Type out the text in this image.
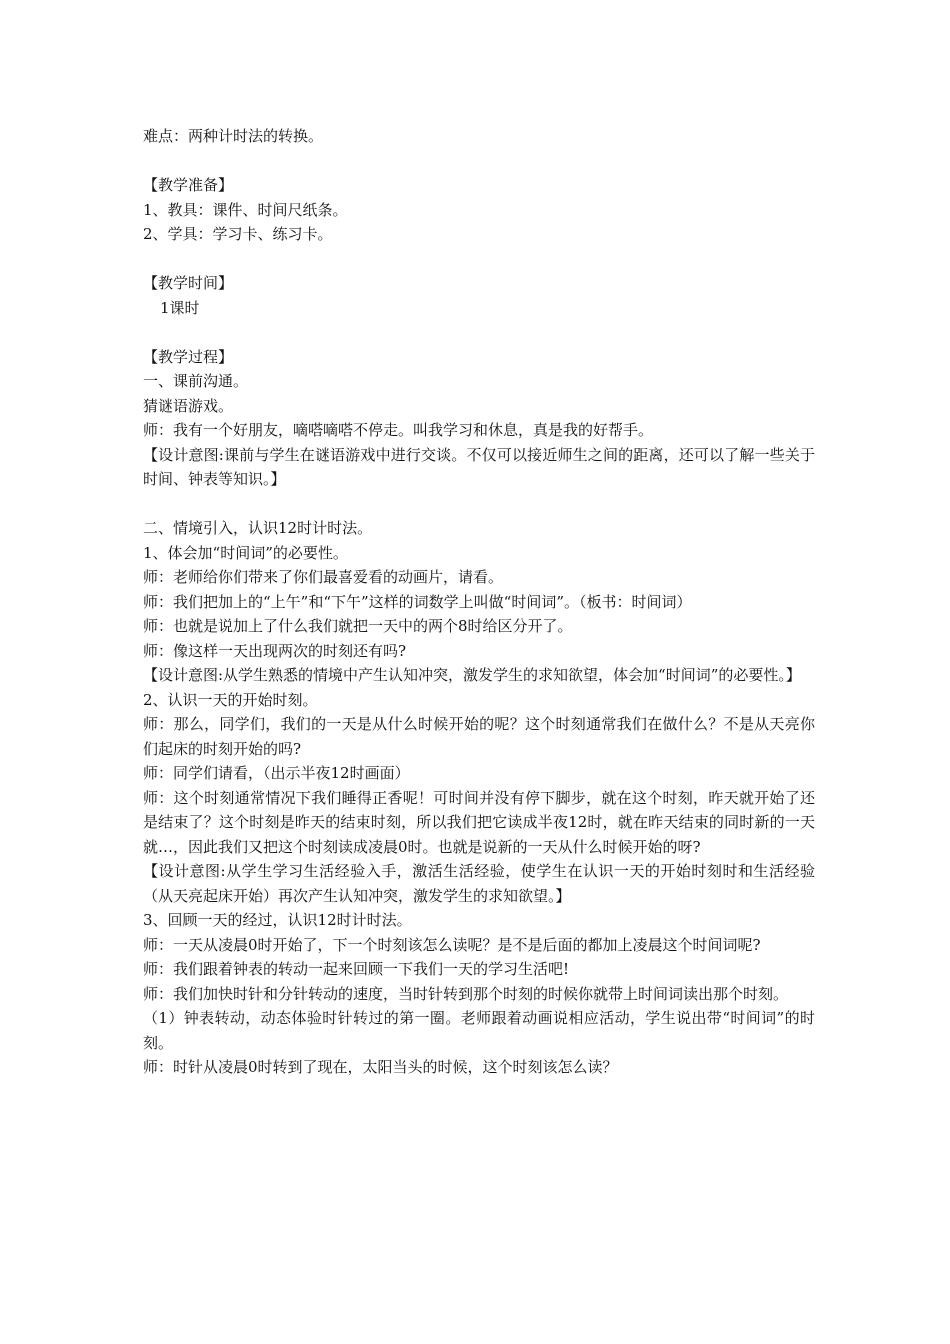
难点：两种计时法的转换。

【教学准备】

1、教具：课件、时间尺纸条。

2、学具：学习卡、练习卡。

【教学时间】

1课时

【教学过程】

一、课前沟通。

猜谜语游戏。

师：我有一个好朋友，嘀嗒嘀嗒不停走。叫我学习和休息，真是我的好帮手。

【设计意图:课前与学生在谜语游戏中进行交谈。不仅可以接近师生之间的距离，还可以了解一些关于时间、钟表等知识。】

二、情境引入，认识12时计时法。

1、体会加“时间词”的必要性。

师：老师给你们带来了你们最喜爱看的动画片，请看。

师：我们把加上的“上午”和“下午”这样的词数学上叫做“时间词”。（板书：时间词）

师：也就是说加上了什么我们就把一天中的两个8时给区分开了。

师：像这样一天出现两次的时刻还有吗?

【设计意图:从学生熟悉的情境中产生认知冲突，激发学生的求知欲望，体会加“时间词”的必要性。】

2、认识一天的开始时刻。

师：那么，同学们，我们的一天是从什么时候开始的呢？这个时刻通常我们在做什么？不是从天亮你们起床的时刻开始的吗?

师：同学们请看，（出示半夜12时画面）

师：这个时刻通常情况下我们睡得正香呢！可时间并没有停下脚步，就在这个时刻，昨天就开始了还是结束了？这个时刻是昨天的结束时刻，所以我们把它读成半夜12时，就在昨天结束的同时新的一天就…，因此我们又把这个时刻读成凌晨0时。也就是说新的一天从什么时候开始的呀?

【设计意图:从学生学习生活经验入手，激活生活经验，使学生在认识一天的开始时刻时和生活经验（从天亮起床开始）再次产生认知冲突，激发学生的求知欲望。】

3、回顾一天的经过，认识12时计时法。

师：一天从凌晨0时开始了，下一个时刻该怎么读呢？是不是后面的都加上凌晨这个时间词呢?

师：我们跟着钟表的转动一起来回顾一下我们一天的学习生活吧!

师：我们加快时针和分针转动的速度，当时针转到那个时刻的时候你就带上时间词读出那个时刻。

（1）钟表转动，动态体验时针转过的第一圈。老师跟着动画说相应活动，学生说出带“时间词”的时刻。

师：时针从凌晨0时转到了现在，太阳当头的时候，这个时刻该怎么读？
